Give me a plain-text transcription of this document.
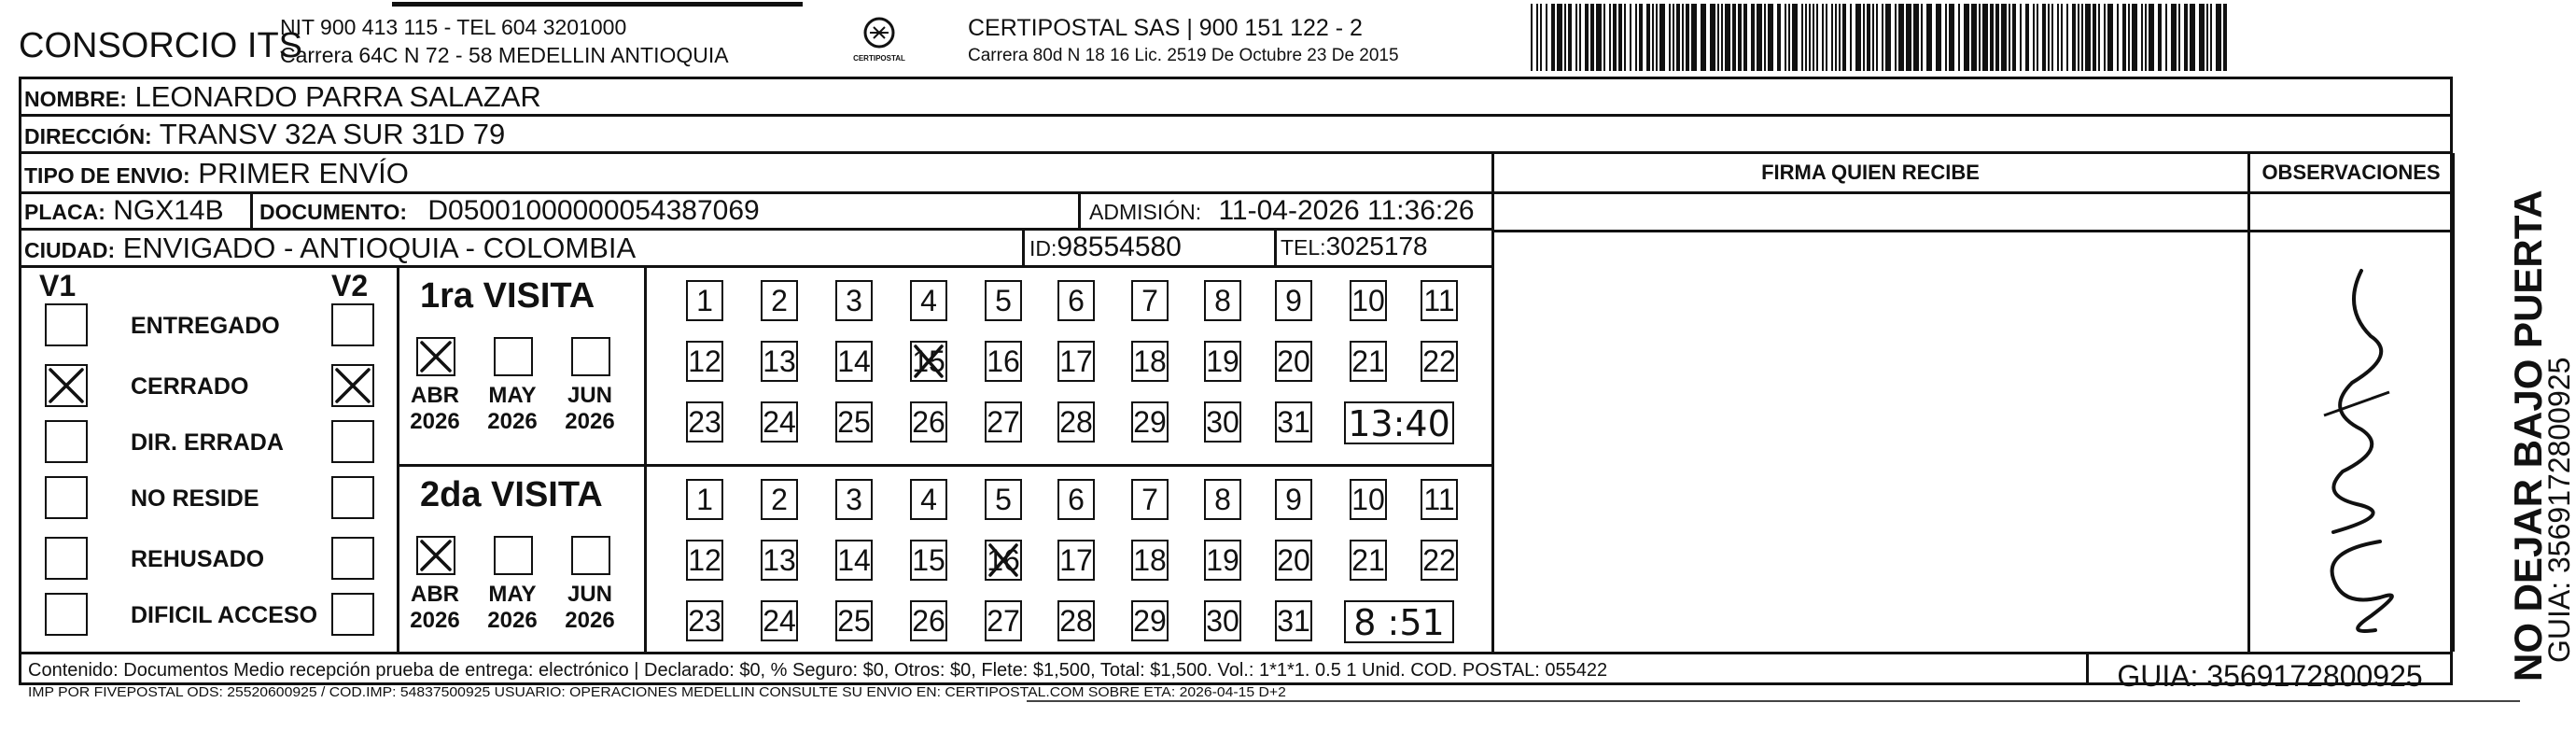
CONSORCIO ITS
NIT 900 413 115 - TEL 604 3201000
Carrera 64C N 72 - 58 MEDELLIN ANTIOQUIA	CERTIPOSTAL
CERTIPOSTAL SAS | 900 151 122 - 2
Carrera 80d N 18 16 Lic. 2519 De Octubre 23 De 2015
NOMBRE: LEONARDO PARRA SALAZAR
DIRECCIÓN: TRANSV 32A SUR 31D 79
TIPO DE ENVIO: PRIMER ENVÍO
PLACA: NGX14B DOCUMENTO: D05001000000054387069	ADMISIÓN: 11-04-2026 11:36:26
CIUDAD: ENVIGADO - ANTIOQUIA - COLOMBIA	ID:98554580	TEL:3025178
FIRMA QUIEN RECIBE	OBSERVACIONES
V1	V2
ENTREGADO
CERRADO
DIR. ERRADA
NO RESIDE
REHUSADO
DIFICIL ACCESO
1ra VISITA
ABR
2026
MAY
2026
JUN
2026
1	2	3	4	5	6	7	8	9	10 11
12 13 14 15 16 17 18 19 20 21 22
23 24 25 26 27 28 29 30 31 13:40
2da VISITA
ABR
2026
MAY
2026
JUN
2026
1	2	3	4	5	6	7	8	9	10 11
12 13 14 15 16 17 18 19 20 21 22
23 24 25 26 27 28 29 30 31 8 :51
Contenido: Documentos Medio recepción prueba de entrega: electrónico | Declarado: $0, % Seguro: $0, Otros: $0, Flete: $1,500, Total: $1,500. Vol.: 1*1*1. 0.5 1 Unid. COD. POSTAL: 055422
IMP POR FIVEPOSTAL ODS: 25520600925 / COD.IMP: 54837500925 USUARIO: OPERACIONES MEDELLIN CONSULTE SU ENVIO EN: CERTIPOSTAL.COM SOBRE ETA: 2026-04-15 D+2	GUIA: 3569172800925	NO DEJAR BAJO PUERTA
GUIA: 3569172800925
